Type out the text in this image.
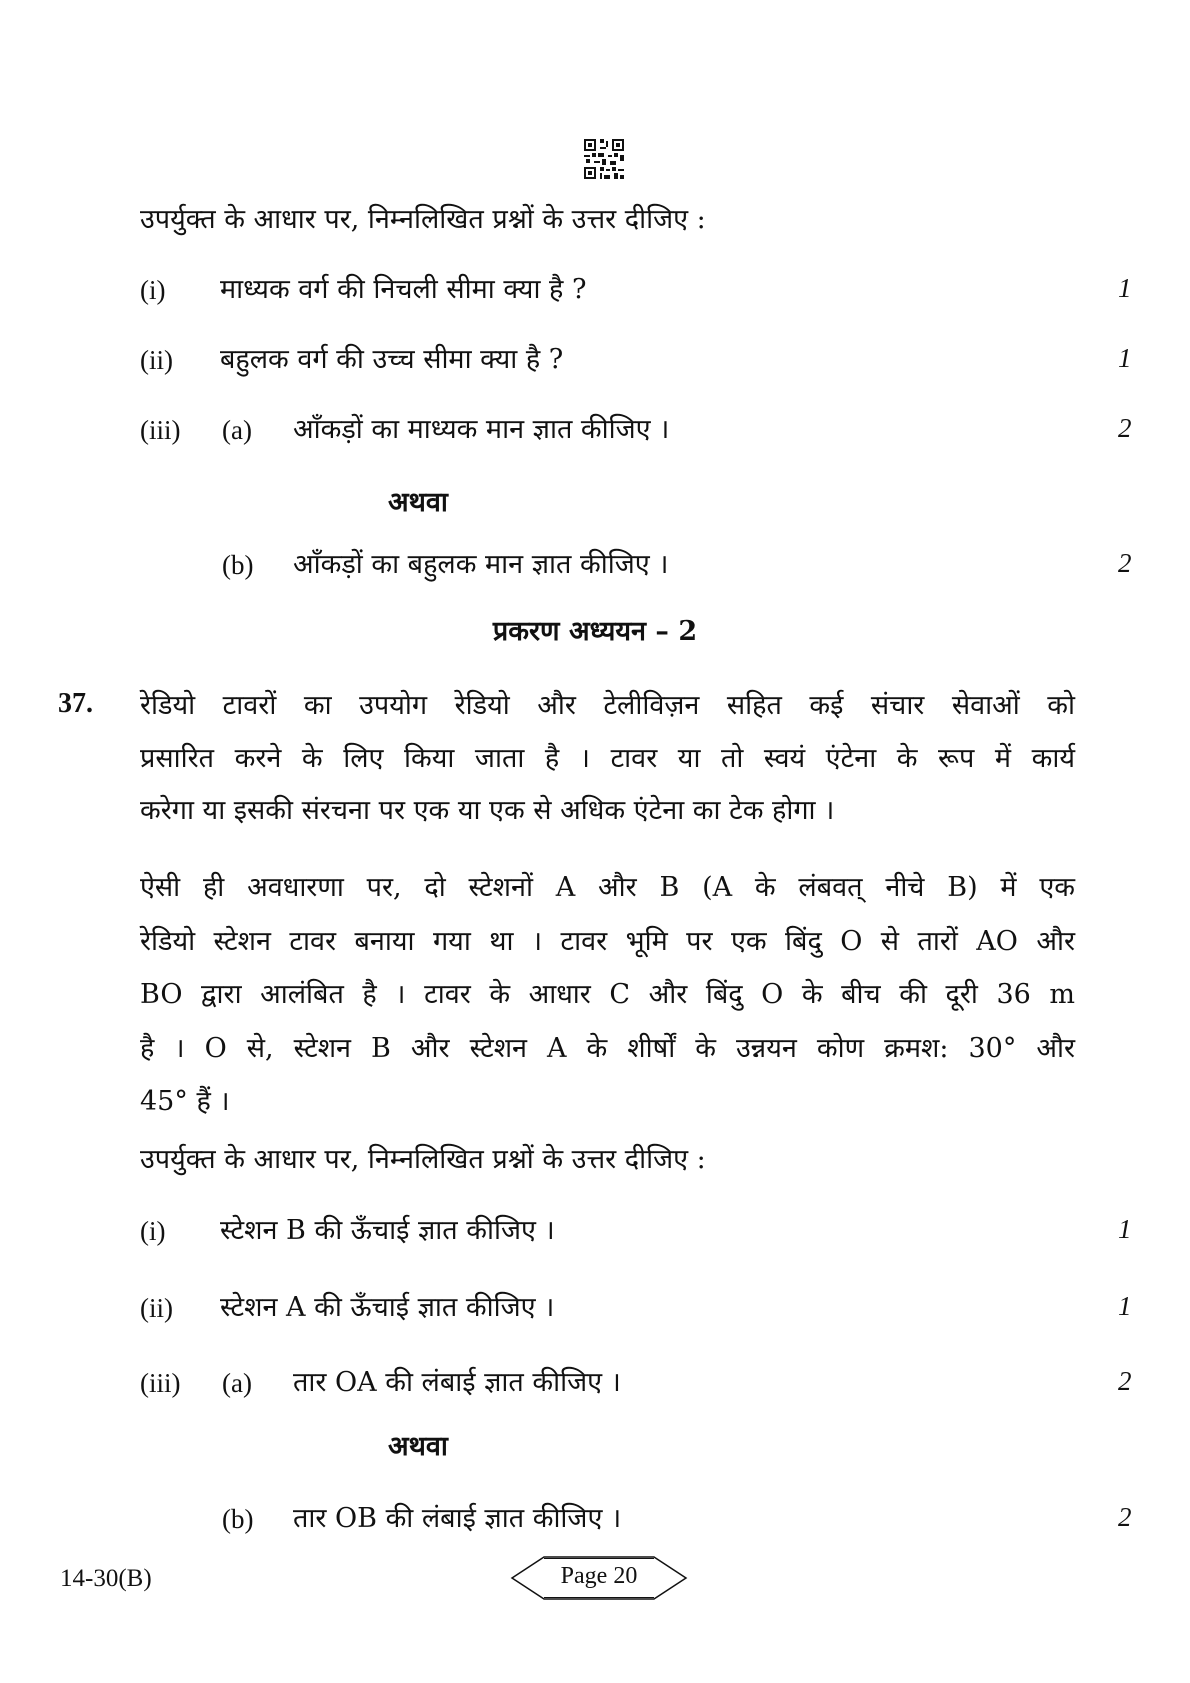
उपर्युक्त के आधार पर, निम्नलिखित प्रश्नों के उत्तर दीजिए :
(i) माध्यक वर्ग की निचली सीमा क्या है ?	1
(ii) बहुलक वर्ग की उच्च सीमा क्या है ?	1
(iii) (a) आँकड़ों का माध्यक मान ज्ञात कीजिए ।	2
अथवा
(b) आँकड़ों का बहुलक मान ज्ञात कीजिए ।	2
प्रकरण अध्ययन – 2
37. रेडियो टावरों का उपयोग रेडियो और टेलीविज़न सहित कई संचार सेवाओं को
प्रसारित करने के लिए किया जाता है । टावर या तो स्वयं एंटेना के रूप में कार्य
करेगा या इसकी संरचना पर एक या एक से अधिक एंटेना का टेक होगा ।
ऐसी ही अवधारणा पर, दो स्टेशनों A और B (A के लंबवत् नीचे B) में एक
रेडियो स्टेशन टावर बनाया गया था । टावर भूमि पर एक बिंदु O से तारों AO और
BO द्वारा आलंबित है । टावर के आधार C और बिंदु O के बीच की दूरी 36 m
है । O से, स्टेशन B और स्टेशन A के शीर्षों के उन्नयन कोण क्रमश: 30° और
45° हैं ।
उपर्युक्त के आधार पर, निम्नलिखित प्रश्नों के उत्तर दीजिए :
(i) स्टेशन B की ऊँचाई ज्ञात कीजिए ।	1
(ii) स्टेशन A की ऊँचाई ज्ञात कीजिए ।	1
(iii) (a) तार OA की लंबाई ज्ञात कीजिए ।	2
अथवा
(b) तार OB की लंबाई ज्ञात कीजिए ।	2
14-30(B)	Page 20
